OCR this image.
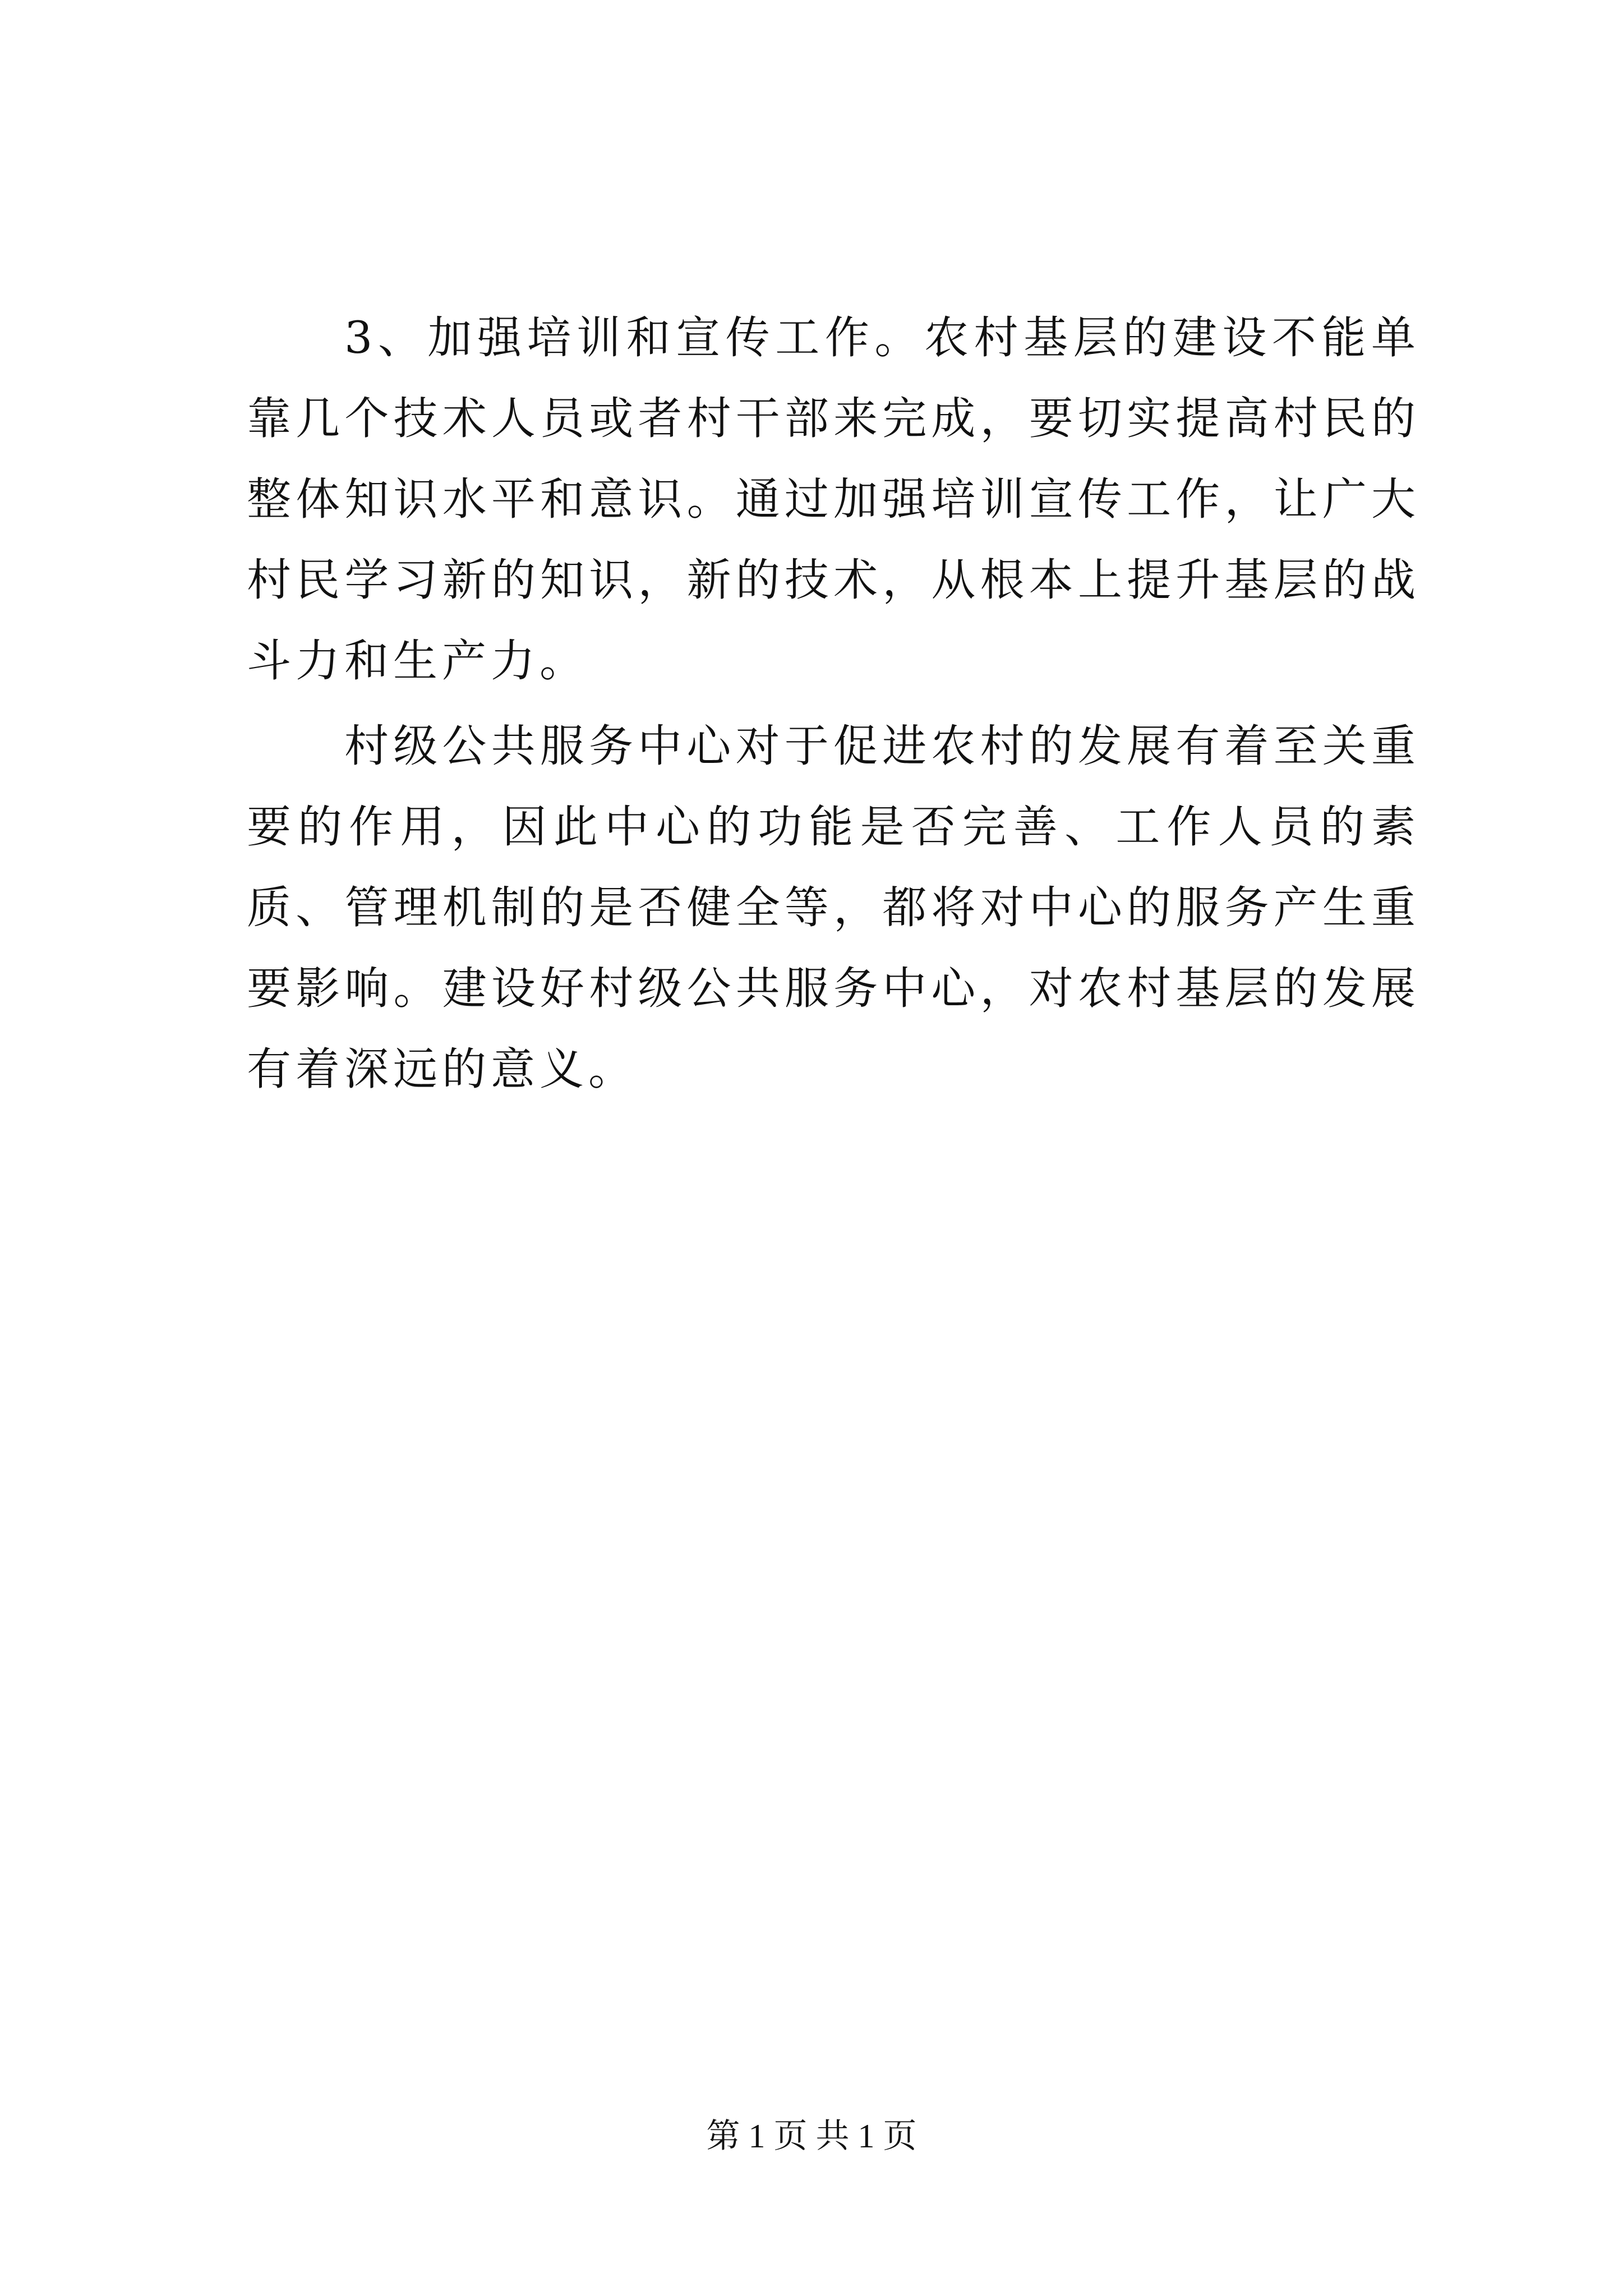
3、加强培训和宣传工作。农村基层的建设不能单靠几个技术人员或者村干部来完成，要切实提高村民的整体知识水平和意识。通过加强培训宣传工作，让广大村民学习新的知识，新的技术，从根本上提升基层的战斗力和生产力。

村级公共服务中心对于促进农村的发展有着至关重要的作用，因此中心的功能是否完善、工作人员的素质、管理机制的是否健全等，都将对中心的服务产生重要影响。建设好村级公共服务中心，对农村基层的发展有着深远的意义。

第 1 页 共 1 页
